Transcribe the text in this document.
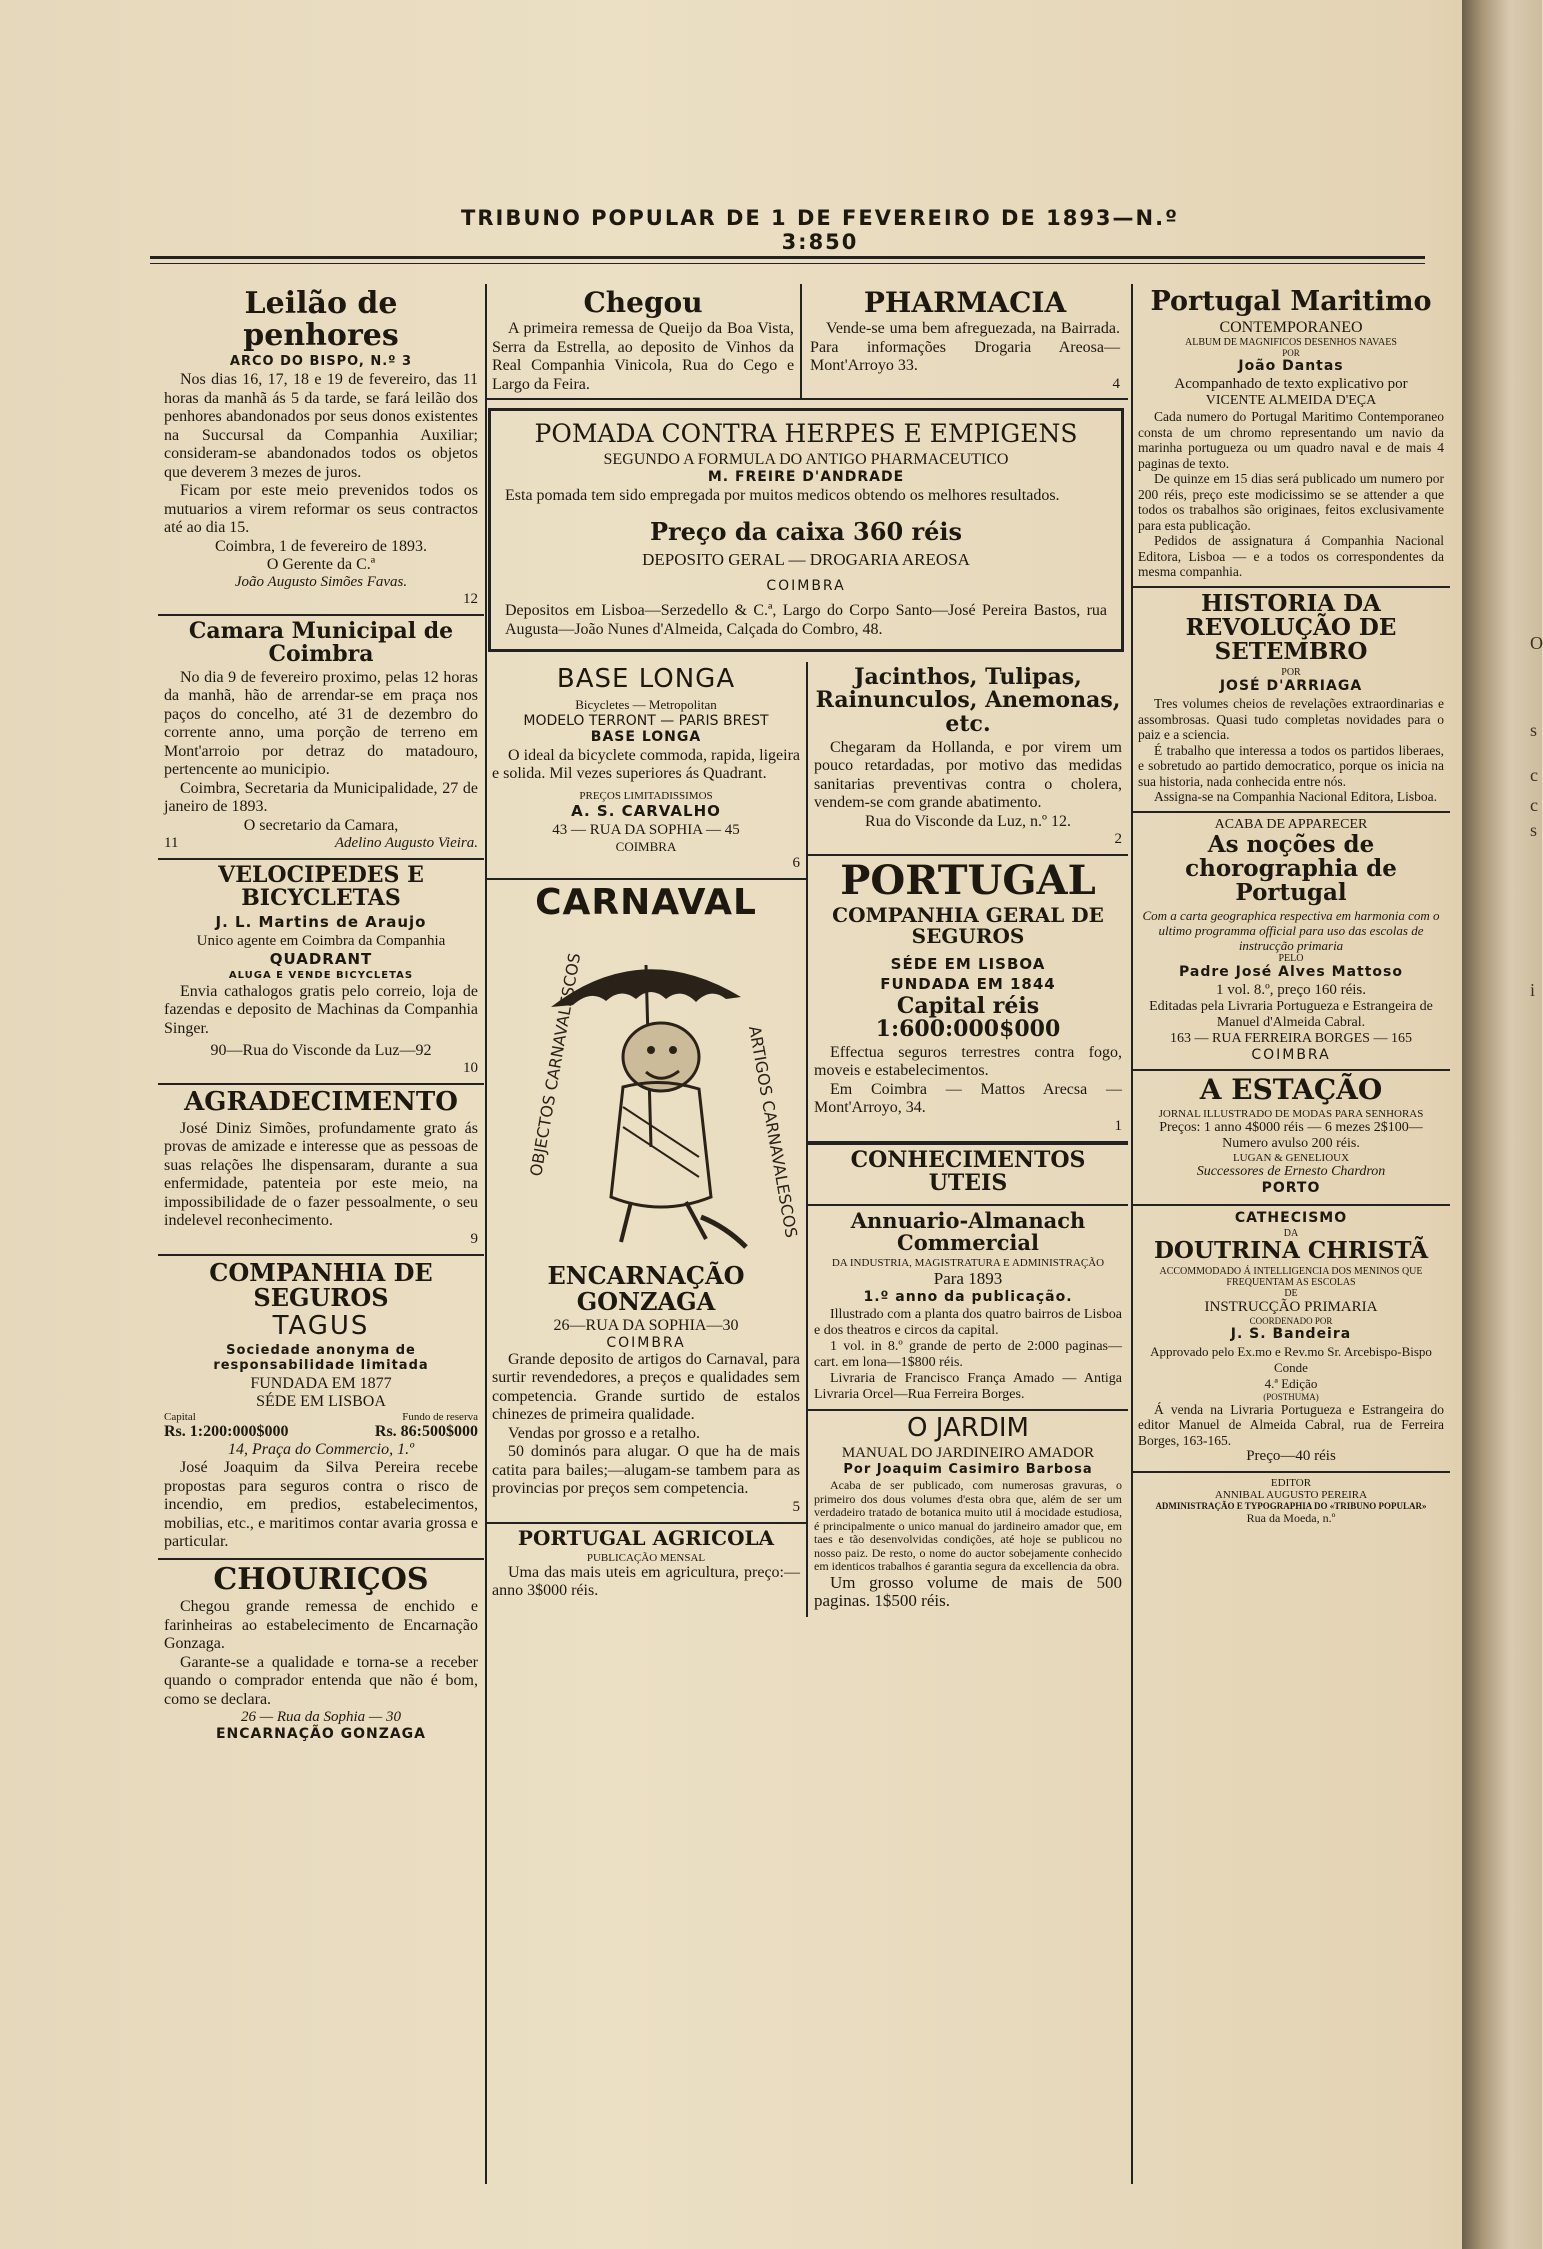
O
s
c
c
s
i
TRIBUNO POPULAR DE 1 DE FEVEREIRO DE 1893—N.º 3:850
Leilão de penhores
ARCO DO BISPO, N.º 3

Nos dias 16, 17, 18 e 19 de fevereiro, das 11 horas da manhã ás 5 da tarde, se fará leilão dos penhores abandonados por seus donos existentes na Succursal da Companhia Auxiliar; consideram-se abandonados todos os objetos que deverem 3 mezes de juros.

Ficam por este meio prevenidos todos os mutuarios a virem reformar os seus contractos até ao dia 15.

Coimbra, 1 de fevereiro de 1893.

O Gerente da C.ª

João Augusto Simões Favas.

12

Camara Municipal de Coimbra

No dia 9 de fevereiro proximo, pelas 12 horas da manhã, hão de arrendar-se em praça nos paços do concelho, até 31 de dezembro do corrente anno, uma porção de terreno em Mont'arroio por detraz do matadouro, pertencente ao municipio.

Coimbra, Secretaria da Municipalidade, 27 de janeiro de 1893.

O secretario da Camara,

11	Adelino Augusto Vieira.
VELOCIPEDES E BICYCLETAS
J. L. Martins de Araujo

Unico agente em Coimbra da Companhia

QUADRANT
ALUGA E VENDE BICYCLETAS

Envia cathalogos gratis pelo correio, loja de fazendas e deposito de Machinas da Companhia Singer.

90—Rua do Visconde da Luz—92

10

AGRADECIMENTO

José Diniz Simões, profundamente grato ás provas de amizade e interesse que as pessoas de suas relações lhe dispensaram, durante a sua enfermidade, patenteia por este meio, na impossibilidade de o fazer pessoalmente, o seu indelevel reconhecimento.

9

COMPANHIA DE SEGUROS
TAGUS
Sociedade anonyma de responsabilidade limitada

FUNDADA EM 1877

SÉDE EM LISBOA

Capital	Fundo de reserva
Rs. 1:200:000$000	Rs. 86:500$000

14, Praça do Commercio, 1.º

José Joaquim da Silva Pereira recebe propostas para seguros contra o risco de incendio, em predios, estabelecimentos, mobilias, etc., e maritimos contar avaria grossa e particular.

CHOURIÇOS

Chegou grande remessa de enchido e farinheiras ao estabelecimento de Encarnação Gonzaga.

Garante-se a qualidade e torna-se a receber quando o comprador entenda que não é bom, como se declara.

26 — Rua da Sophia — 30

ENCARNAÇÃO GONZAGA
Chegou

A primeira remessa de Queijo da Boa Vista, Serra da Estrella, ao deposito de Vinhos da Real Companhia Vinicola, Rua do Cego e Largo da Feira.

PHARMACIA

Vende-se uma bem afreguezada, na Bairrada. Para informações Drogaria Areosa—Mont'Arroyo 33.

4

POMADA CONTRA HERPES E EMPIGENS

SEGUNDO A FORMULA DO ANTIGO PHARMACEUTICO

M. FREIRE D'ANDRADE

Esta pomada tem sido empregada por muitos medicos obtendo os melhores resultados.

Preço da caixa 360 réis

DEPOSITO GERAL — DROGARIA AREOSA

COIMBRA

Depositos em Lisboa—Serzedello & C.ª, Largo do Corpo Santo—José Pereira Bastos, rua Augusta—João Nunes d'Almeida, Calçada do Combro, 48.

BASE LONGA

Bicycletes — Metropolitan

MODELO TERRONT — PARIS BREST

BASE LONGA

O ideal da bicyclete commoda, rapida, ligeira e solida. Mil vezes superiores ás Quadrant.

PREÇOS LIMITADISSIMOS

A. S. CARVALHO

43 — RUA DA SOPHIA — 45

COIMBRA

6

CARNAVAL
OBJECTOS CARNAVALESCOS	ARTIGOS CARNAVALESCOS
ENCARNAÇÃO GONZAGA

26—RUA DA SOPHIA—30

COIMBRA

Grande deposito de artigos do Carnaval, para surtir revendedores, a preços e qualidades sem competencia. Grande surtido de estalos chinezes de primeira qualidade.

Vendas por grosso e a retalho.

50 dominós para alugar. O que ha de mais catita para bailes;—alugam-se tambem para as provincias por preços sem competencia.

5

PORTUGAL AGRICOLA

PUBLICAÇÃO MENSAL

Uma das mais uteis em agricultura, preço:—anno 3$000 réis.

Jacinthos, Tulipas, Rainunculos, Anemonas, etc.

Chegaram da Hollanda, e por virem um pouco retardadas, por motivo das medidas sanitarias preventivas contra o cholera, vendem-se com grande abatimento.

Rua do Visconde da Luz, n.º 12.

2

PORTUGAL
COMPANHIA GERAL DE SEGUROS
SÉDE EM LISBOA
FUNDADA EM 1844
Capital réis 1:600:000$000

Effectua seguros terrestres contra fogo, moveis e estabelecimentos.

Em Coimbra — Mattos Arecsa — Mont'Arroyo, 34.

1

CONHECIMENTOS UTEIS
Annuario-Almanach Commercial

DA INDUSTRIA, MAGISTRATURA E ADMINISTRAÇÃO

Para 1893

1.º anno da publicação.

Illustrado com a planta dos quatro bairros de Lisboa e dos theatros e circos da capital.

1 vol. in 8.º grande de perto de 2:000 paginas—cart. em lona—1$800 réis.

Livraria de Francisco França Amado — Antiga Livraria Orcel—Rua Ferreira Borges.

O JARDIM

MANUAL DO JARDINEIRO AMADOR

Por Joaquim Casimiro Barbosa

Acaba de ser publicado, com numerosas gravuras, o primeiro dos dous volumes d'esta obra que, além de ser um verdadeiro tratado de botanica muito util á mocidade estudiosa, é principalmente o unico manual do jardineiro amador que, em taes e tão desenvolvidas condições, até hoje se publicou no nosso paiz. De resto, o nome do auctor sobejamente conhecido em identicos trabalhos é garantia segura da excellencia da obra.

Um grosso volume de mais de 500 paginas. 1$500 réis.

Portugal Maritimo

CONTEMPORANEO

ALBUM DE MAGNIFICOS DESENHOS NAVAES

POR

João Dantas

Acompanhado de texto explicativo por

VICENTE ALMEIDA D'EÇA

Cada numero do Portugal Maritimo Contemporaneo consta de um chromo representando um navio da marinha portugueza ou um quadro naval e de mais 4 paginas de texto.

De quinze em 15 dias será publicado um numero por 200 réis, preço este modicissimo se se attender a que todos os trabalhos são originaes, feitos exclusivamente para esta publicação.

Pedidos de assignatura á Companhia Nacional Editora, Lisboa — e a todos os correspondentes da mesma companhia.

HISTORIA DA REVOLUÇÃO DE SETEMBRO

POR

JOSÉ D'ARRIAGA

Tres volumes cheios de revelações extraordinarias e assombrosas. Quasi tudo completas novidades para o paiz e a sciencia.

É trabalho que interessa a todos os partidos liberaes, e sobretudo ao partido democratico, porque os inicia na sua historia, nada conhecida entre nós.

Assigna-se na Companhia Nacional Editora, Lisboa.

ACABA DE APPARECER

As noções de chorographia de Portugal

Com a carta geographica respectiva em harmonia com o ultimo programma official para uso das escolas de instrucção primaria

PELO

Padre José Alves Mattoso

1 vol. 8.º, preço 160 réis.

Editadas pela Livraria Portugueza e Estrangeira de Manuel d'Almeida Cabral.

163 — RUA FERREIRA BORGES — 165

COIMBRA

A ESTAÇÃO

JORNAL ILLUSTRADO DE MODAS PARA SENHORAS

Preços: 1 anno 4$000 réis — 6 mezes 2$100—Numero avulso 200 réis.

LUGAN & GENELIOUX

Successores de Ernesto Chardron

PORTO
CATHECISMO

DA

DOUTRINA CHRISTÃ

ACCOMMODADO Á INTELLIGENCIA DOS MENINOS QUE FREQUENTAM AS ESCOLAS

DE

INSTRUCÇÃO PRIMARIA

COORDENADO POR

J. S. Bandeira

Approvado pelo Ex.mo e Rev.mo Sr. Arcebispo-Bispo Conde

4.ª Edição

(POSTHUMA)

Á venda na Livraria Portugueza e Estrangeira do editor Manuel de Almeida Cabral, rua de Ferreira Borges, 163-165.

Preço—40 réis

EDITOR

ANNIBAL AUGUSTO PEREIRA

ADMINISTRAÇÃO E TYPOGRAPHIA DO «TRIBUNO POPULAR»

Rua da Moeda, n.º
